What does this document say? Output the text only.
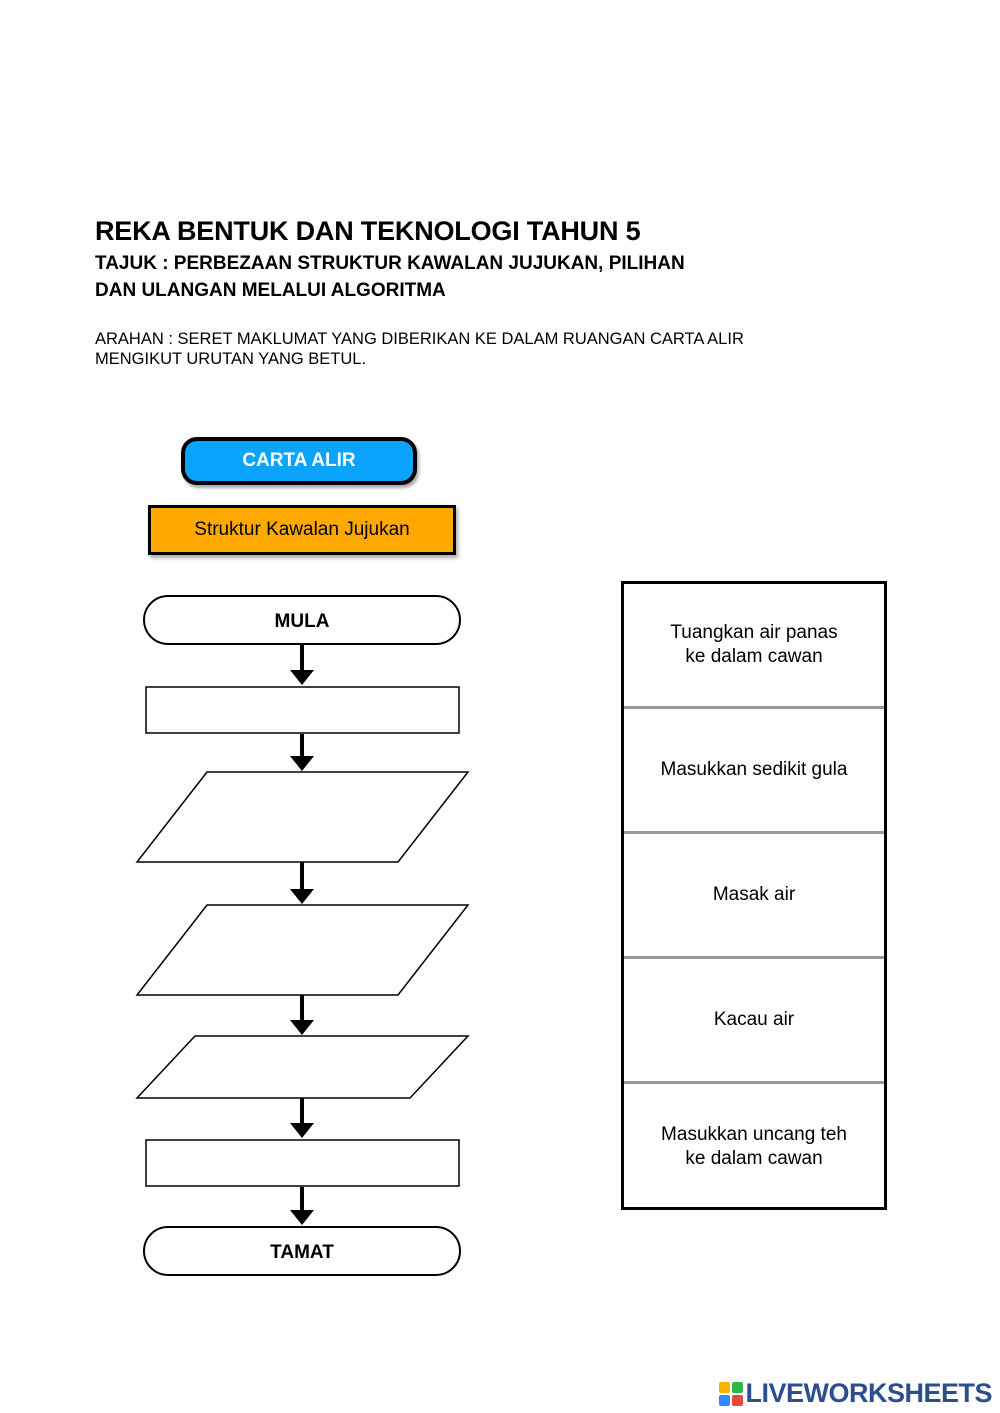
REKA BENTUK DAN TEKNOLOGI TAHUN 5
TAJUK : PERBEZAAN STRUKTUR KAWALAN JUJUKAN, PILIHAN
DAN ULANGAN MELALUI ALGORITMA
ARAHAN : SERET MAKLUMAT YANG DIBERIKAN KE DALAM RUANGAN CARTA ALIR
MENGIKUT URUTAN YANG BETUL.
CARTA ALIR
Struktur Kawalan Jujukan
MULA
TAMAT
Tuangkan air panas
ke dalam cawan
Masukkan sedikit gula
Masak air
Kacau air
Masukkan uncang teh
ke dalam cawan
LIVEWORKSHEETS
